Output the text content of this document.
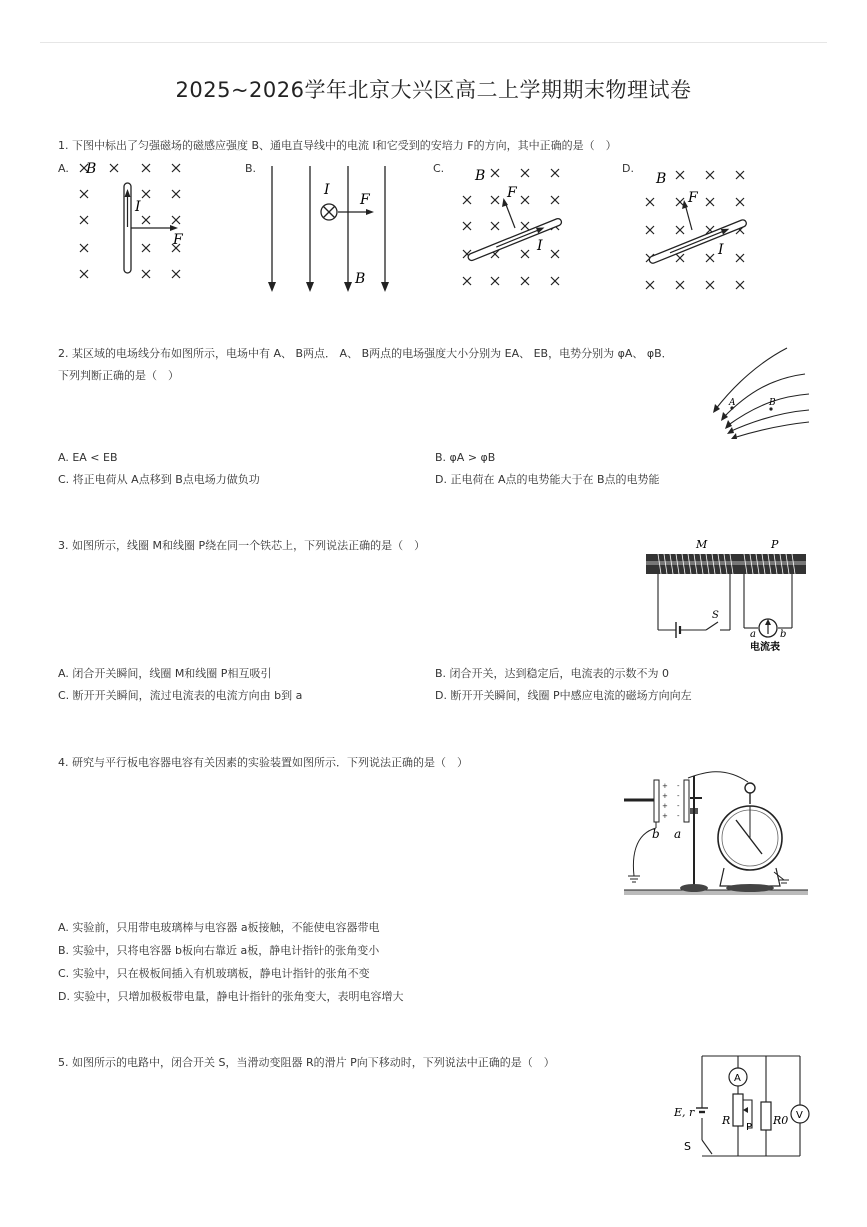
2025~2026学年北京大兴区高二上学期期末物理试卷
1. 下图中标出了匀强磁场的磁感应强度 B、通电直导线中的电流 I和它受到的安培力 F的方向，其中正确的是（　）
A.	B.	C.	D.
B
I
F
I
F
B
B
I
F
B
I
F
2. 某区域的电场线分布如图所示，电场中有 A、 B两点． A、 B两点的电场强度大小分别为 EA、 EB，电势分别为 φA、 φB．
下列判断正确的是（　）
A	B
A. EA < EB	B. φA > φB
C. 将正电荷从 A点移到 B点电场力做负功	D. 正电荷在 A点的电势能大于在 B点的电势能
3. 如图所示，线圈 M和线圈 P绕在同一个铁芯上，下列说法正确的是（　）
S
M	P
a b
电流表
A. 闭合开关瞬间，线圈 M和线圈 P相互吸引	B. 闭合开关，达到稳定后，电流表的示数不为 0
C. 断开开关瞬间，流过电流表的电流方向由 b到 a	D. 断开开关瞬间，线圈 P中感应电流的磁场方向向左
4. 研究与平行板电容器电容有关因素的实验装置如图所示．下列说法正确的是（　）
+
+
+
+
-
-
-
-
b a
A. 实验前，只用带电玻璃棒与电容器 a板接触，不能使电容器带电
B. 实验中，只将电容器 b板向右靠近 a板，静电计指针的张角变小
C. 实验中，只在极板间插入有机玻璃板，静电计指针的张角不变
D. 实验中，只增加极板带电量，静电计指针的张角变大，表明电容增大
5. 如图所示的电路中，闭合开关 S，当滑动变阻器 R的滑片 P向下移动时，下列说法中正确的是（　）
A
V
E, r
R
P
R0
S
